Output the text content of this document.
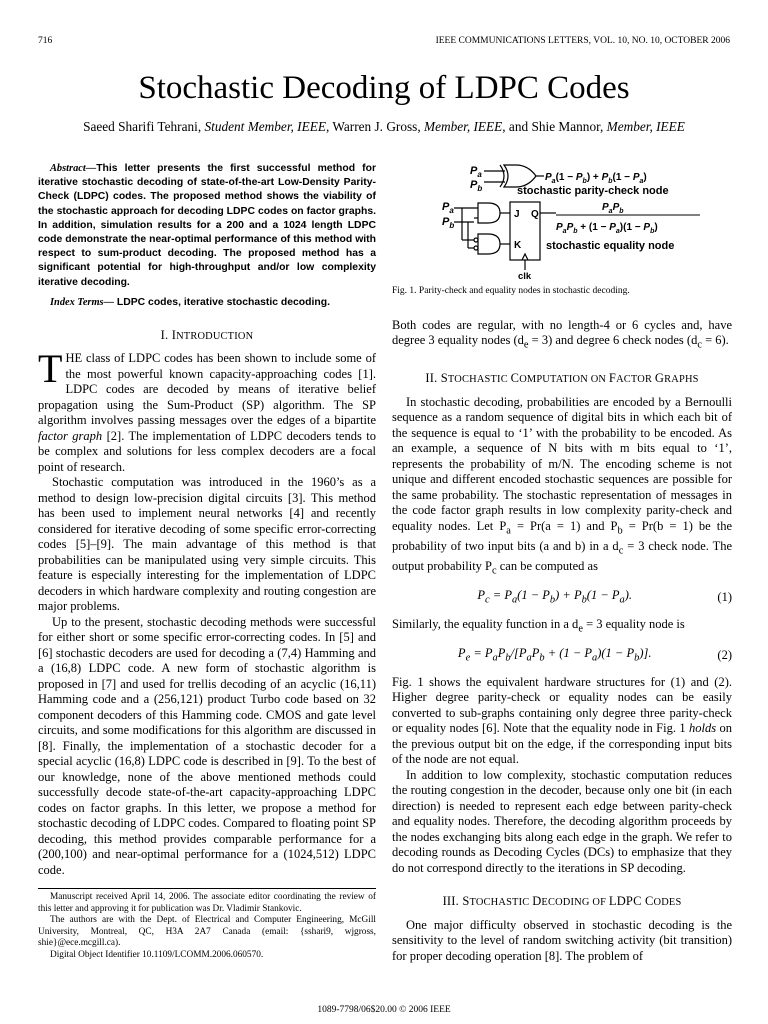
716	IEEE COMMUNICATIONS LETTERS, VOL. 10, NO. 10, OCTOBER 2006
Stochastic Decoding of LDPC Codes
Saeed Sharifi Tehrani, Student Member, IEEE, Warren J. Gross, Member, IEEE, and Shie Mannor, Member, IEEE

Abstract—This letter presents the first successful method for iterative stochastic decoding of state-of-the-art Low-Density Parity-Check (LDPC) codes. The proposed method shows the viability of the stochastic approach for decoding LDPC codes on factor graphs. In addition, simulation results for a 200 and a 1024 length LDPC code demonstrate the near-optimal performance of this method with respect to sum-product decoding. The proposed method has a significant potential for high-throughput and/or low complexity iterative decoding.

Index Terms— LDPC codes, iterative stochastic decoding.

I. INTRODUCTION

THE class of LDPC codes has been shown to include some of the most powerful known capacity-approaching codes [1]. LDPC codes are decoded by means of iterative belief propagation using the Sum-Product (SP) algorithm. The SP algorithm involves passing messages over the edges of a bipartite factor graph [2]. The implementation of LDPC decoders tends to be complex and solutions for less complex decoders are a focal point of research.

Stochastic computation was introduced in the 1960’s as a method to design low-precision digital circuits [3]. This method has been used to implement neural networks [4] and recently considered for iterative decoding of some specific error-correcting codes [5]–[9]. The main advantage of this method is that probabilities can be manipulated using very simple circuits. This feature is especially interesting for the implementation of LDPC decoders in which hardware complexity and routing congestion are major problems.

Up to the present, stochastic decoding methods were successful for either short or some specific error-correcting codes. In [5] and [6] stochastic decoders are used for decoding a (7,4) Hamming and a (16,8) LDPC code. A new form of stochastic algorithm is proposed in [7] and used for trellis decoding of an acyclic (16,11) Hamming code and a (256,121) product Turbo code based on 32 component decoders of this Hamming code. CMOS and gate level circuits, and some modifications for this algorithm are discussed in [8]. Finally, the implementation of a stochastic decoder for a special acyclic (16,8) LDPC code is described in [9]. To the best of our knowledge, none of the above mentioned methods could successfully decode state-of-the-art capacity-approaching LDPC codes on factor graphs. In this letter, we propose a method for stochastic decoding of LDPC codes. Compared to floating point SP decoding, this method provides comparable performance for a (200,100) and near-optimal performance for a (1024,512) LDPC code.

Manuscript received April 14, 2006. The associate editor coordinating the review of this letter and approving it for publication was Dr. Vladimir Stankovic.

The authors are with the Dept. of Electrical and Computer Engineering, McGill University, Montreal, QC, H3A 2A7 Canada (email: {sshari9, wjgross, shie}@ece.mcgill.ca).

Digital Object Identifier 10.1109/LCOMM.2006.060570.

$P_a$
$P_b$
$P_a(1 - P_b) + P_b(1 - P_a)$
stochastic parity-check node
$P_a$
$P_b$
J
K
Q
clk
$P_aP_b$
$P_aP_b + (1 - P_a)(1 - P_b)$
stochastic equality node
Fig. 1. Parity-check and equality nodes in stochastic decoding.

Both codes are regular, with no length-4 or 6 cycles and, have degree 3 equality nodes $(d_e = 3)$ and degree 6 check nodes $(d_c = 6)$.

II. STOCHASTIC COMPUTATION ON FACTOR GRAPHS

In stochastic decoding, probabilities are encoded by a Bernoulli sequence as a random sequence of digital bits in which each bit of the sequence is equal to ‘1’ with the probability to be encoded. As an example, a sequence of N bits with m bits equal to ‘1’, represents the probability of m/N. The encoding scheme is not unique and different encoded stochastic sequences are possible for the same probability. The stochastic representation of messages in the code factor graph results in low complexity parity-check and equality nodes. Let $P_a = Pr(a = 1)$ and $P_b = Pr(b = 1)$ be the probability of two input bits (a and b) in a $d_c = 3$ check node. The output probability $P_c$ can be computed as

$P_c = P_a(1 - P_b) + P_b(1 - P_a)$.	(1)

Similarly, the equality function in a $d_e = 3$ equality node is

$P_e = P_aP_b/[P_aP_b + (1 - P_a)(1 - P_b)]$.	(2)

Fig. 1 shows the equivalent hardware structures for (1) and (2). Higher degree parity-check or equality nodes can be easily converted to sub-graphs containing only degree three parity-check or equality nodes [6]. Note that the equality node in Fig. 1 holds on the previous output bit on the edge, if the corresponding input bits of the node are not equal.

In addition to low complexity, stochastic computation reduces the routing congestion in the decoder, because only one bit (in each direction) is needed to represent each edge between parity-check and equality nodes. Therefore, the decoding algorithm proceeds by the nodes exchanging bits along each edge in the graph. We refer to decoding rounds as Decoding Cycles (DCs) to emphasize that they do not correspond directly to the iterations in SP decoding.

III. STOCHASTIC DECODING OF LDPC CODES

One major difficulty observed in stochastic decoding is the sensitivity to the level of random switching activity (bit transition) for proper decoding operation [8]. The problem of

1089-7798/06$20.00 © 2006 IEEE
